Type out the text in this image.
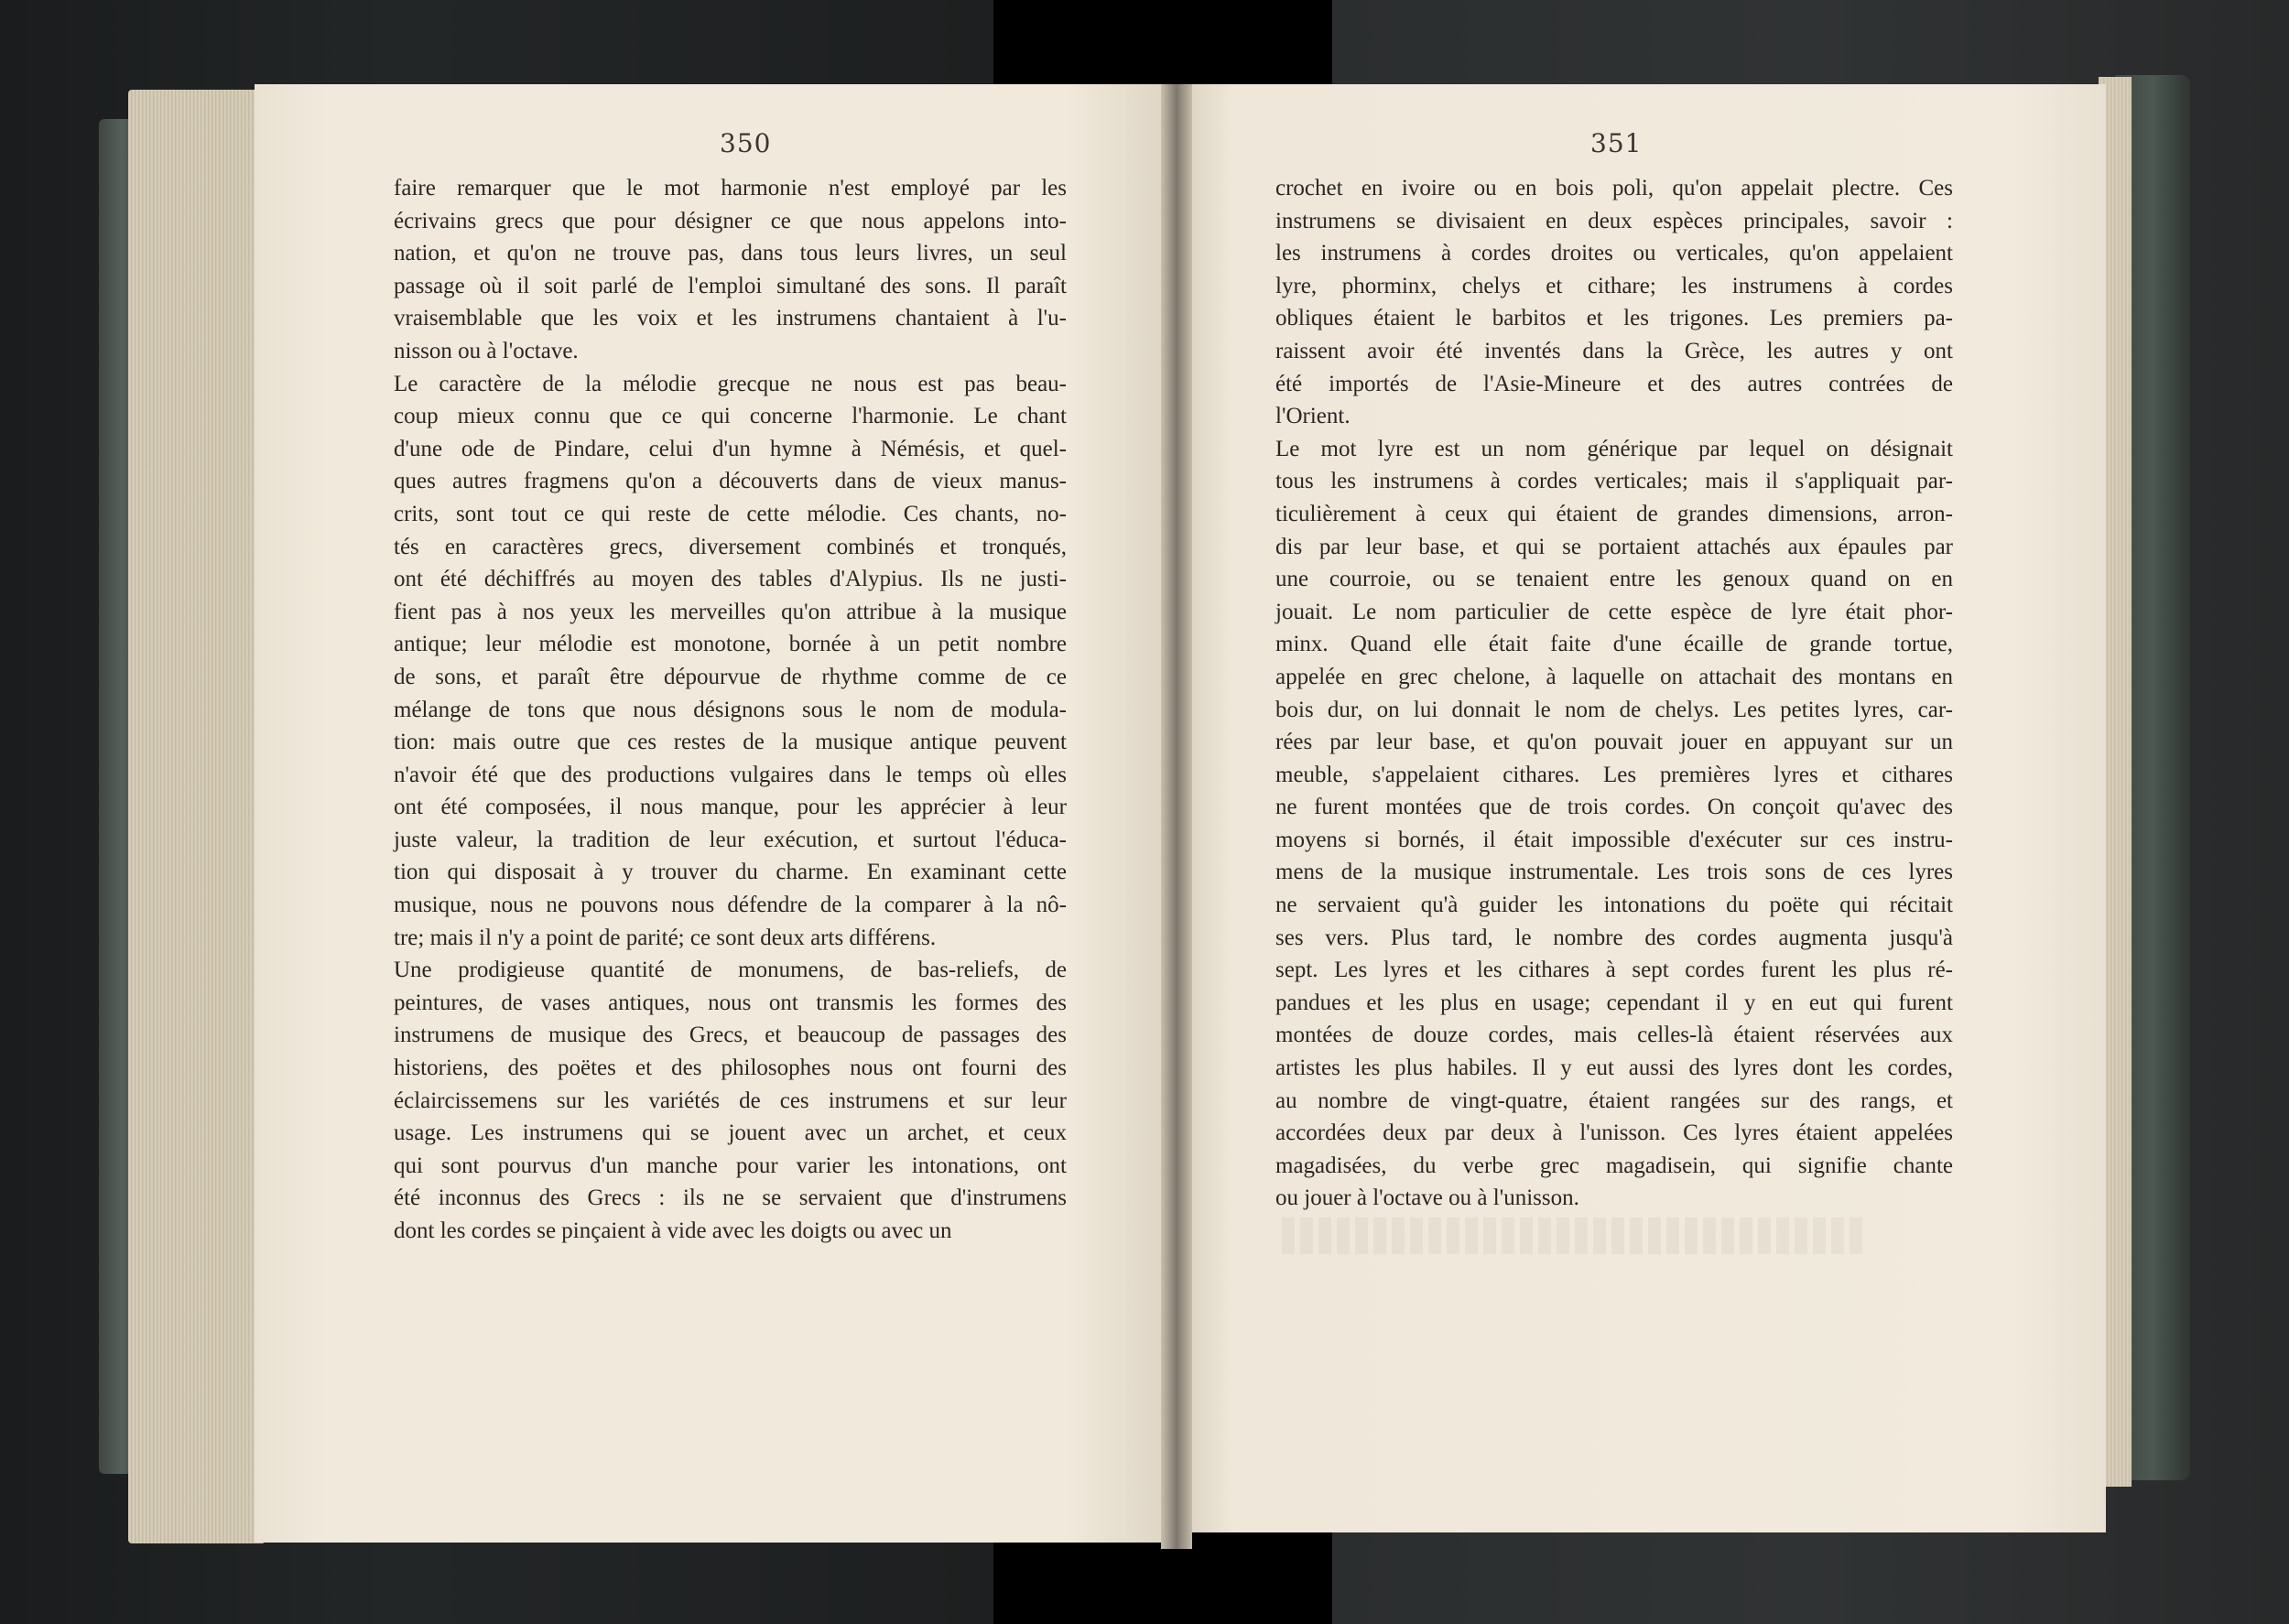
350	351
faire remarquer que le mot harmonie n'est employé par les
écrivains grecs que pour désigner ce que nous appelons into-
nation, et qu'on ne trouve pas, dans tous leurs livres, un seul
passage où il soit parlé de l'emploi simultané des sons. Il paraît
vraisemblable que les voix et les instrumens chantaient à l'u-
nisson ou à l'octave.
Le caractère de la mélodie grecque ne nous est pas beau-
coup mieux connu que ce qui concerne l'harmonie. Le chant
d'une ode de Pindare, celui d'un hymne à Némésis, et quel-
ques autres fragmens qu'on a découverts dans de vieux manus-
crits, sont tout ce qui reste de cette mélodie. Ces chants, no-
tés en caractères grecs, diversement combinés et tronqués,
ont été déchiffrés au moyen des tables d'Alypius. Ils ne justi-
fient pas à nos yeux les merveilles qu'on attribue à la musique
antique; leur mélodie est monotone, bornée à un petit nombre
de sons, et paraît être dépourvue de rhythme comme de ce
mélange de tons que nous désignons sous le nom de modula-
tion: mais outre que ces restes de la musique antique peuvent
n'avoir été que des productions vulgaires dans le temps où elles
ont été composées, il nous manque, pour les apprécier à leur
juste valeur, la tradition de leur exécution, et surtout l'éduca-
tion qui disposait à y trouver du charme. En examinant cette
musique, nous ne pouvons nous défendre de la comparer à la nô-
tre; mais il n'y a point de parité; ce sont deux arts différens.
Une prodigieuse quantité de monumens, de bas-reliefs, de
peintures, de vases antiques, nous ont transmis les formes des
instrumens de musique des Grecs, et beaucoup de passages des
historiens, des poëtes et des philosophes nous ont fourni des
éclaircissemens sur les variétés de ces instrumens et sur leur
usage. Les instrumens qui se jouent avec un archet, et ceux
qui sont pourvus d'un manche pour varier les intonations, ont
été inconnus des Grecs : ils ne se servaient que d'instrumens
dont les cordes se pinçaient à vide avec les doigts ou avec un
crochet en ivoire ou en bois poli, qu'on appelait plectre. Ces
instrumens se divisaient en deux espèces principales, savoir :
les instrumens à cordes droites ou verticales, qu'on appelaient
lyre, phorminx, chelys et cithare; les instrumens à cordes
obliques étaient le barbitos et les trigones. Les premiers pa-
raissent avoir été inventés dans la Grèce, les autres y ont
été importés de l'Asie-Mineure et des autres contrées de
l'Orient.
Le mot lyre est un nom générique par lequel on désignait
tous les instrumens à cordes verticales; mais il s'appliquait par-
ticulièrement à ceux qui étaient de grandes dimensions, arron-
dis par leur base, et qui se portaient attachés aux épaules par
une courroie, ou se tenaient entre les genoux quand on en
jouait. Le nom particulier de cette espèce de lyre était phor-
minx. Quand elle était faite d'une écaille de grande tortue,
appelée en grec chelone, à laquelle on attachait des montans en
bois dur, on lui donnait le nom de chelys. Les petites lyres, car-
rées par leur base, et qu'on pouvait jouer en appuyant sur un
meuble, s'appelaient cithares. Les premières lyres et cithares
ne furent montées que de trois cordes. On conçoit qu'avec des
moyens si bornés, il était impossible d'exécuter sur ces instru-
mens de la musique instrumentale. Les trois sons de ces lyres
ne servaient qu'à guider les intonations du poëte qui récitait
ses vers. Plus tard, le nombre des cordes augmenta jusqu'à
sept. Les lyres et les cithares à sept cordes furent les plus ré-
pandues et les plus en usage; cependant il y en eut qui furent
montées de douze cordes, mais celles-là étaient réservées aux
artistes les plus habiles. Il y eut aussi des lyres dont les cordes,
au nombre de vingt-quatre, étaient rangées sur des rangs, et
accordées deux par deux à l'unisson. Ces lyres étaient appelées
magadisées, du verbe grec magadisein, qui signifie chante
ou jouer à l'octave ou à l'unisson.
